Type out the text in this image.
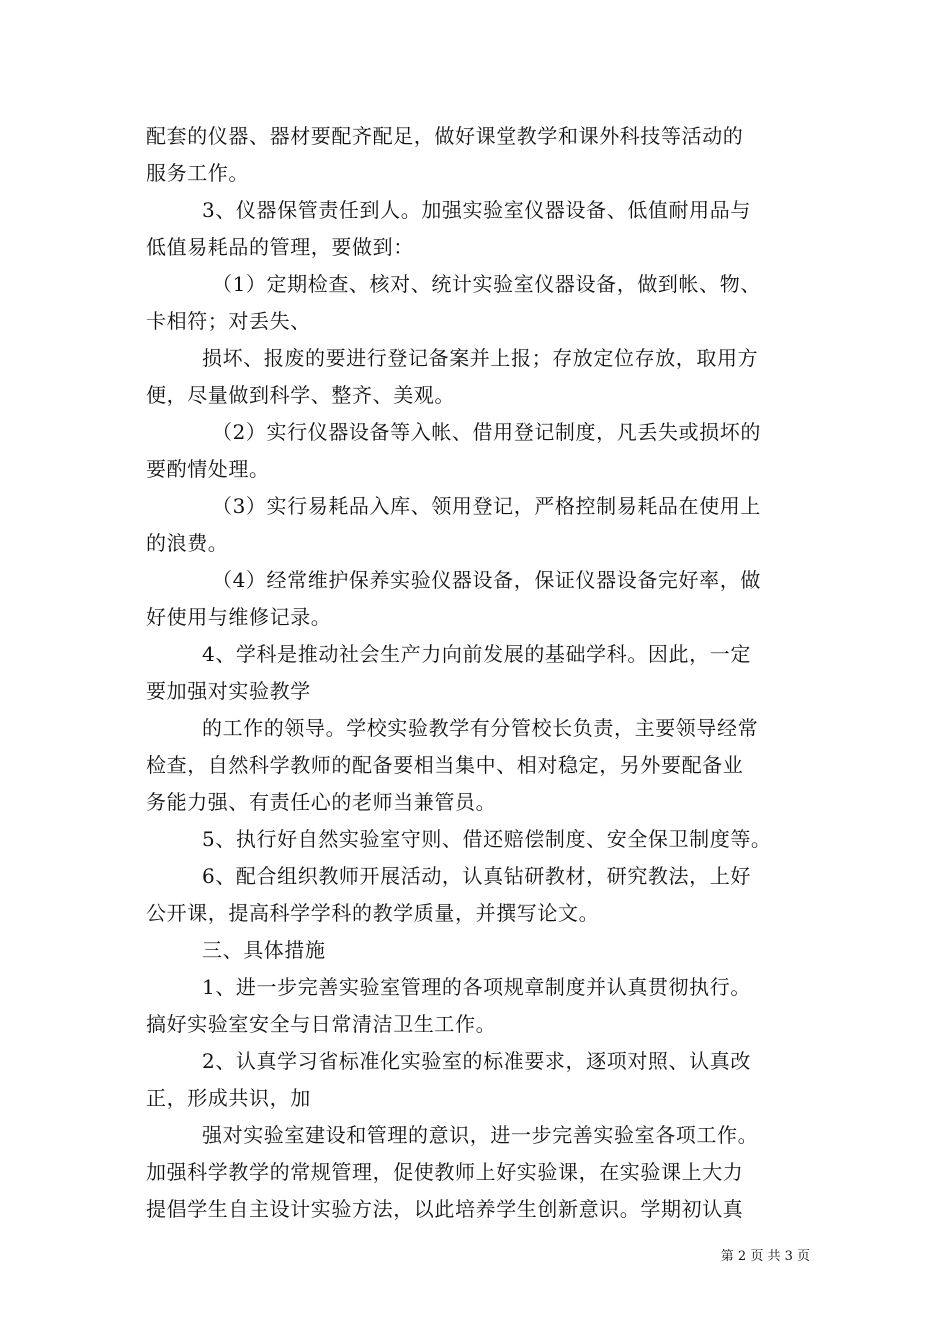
配套的仪器、器材要配齐配足，做好课堂教学和课外科技等活动的
服务工作。
3、仪器保管责任到人。加强实验室仪器设备、低值耐用品与
低值易耗品的管理，要做到：
（1）定期检查、核对、统计实验室仪器设备，做到帐、物、
卡相符；对丢失、
损坏、报废的要进行登记备案并上报；存放定位存放，取用方
便，尽量做到科学、整齐、美观。
（2）实行仪器设备等入帐、借用登记制度，凡丢失或损坏的
要酌情处理。
（3）实行易耗品入库、领用登记，严格控制易耗品在使用上
的浪费。
（4）经常维护保养实验仪器设备，保证仪器设备完好率，做
好使用与维修记录。
4、学科是推动社会生产力向前发展的基础学科。因此，一定
要加强对实验教学
的工作的领导。学校实验教学有分管校长负责，主要领导经常
检查，自然科学教师的配备要相当集中、相对稳定，另外要配备业
务能力强、有责任心的老师当兼管员。
5、执行好自然实验室守则、借还赔偿制度、安全保卫制度等。
6、配合组织教师开展活动，认真钻研教材，研究教法，上好
公开课，提高科学学科的教学质量，并撰写论文。
三、具体措施
1、进一步完善实验室管理的各项规章制度并认真贯彻执行。
搞好实验室安全与日常清洁卫生工作。
2、认真学习省标准化实验室的标准要求，逐项对照、认真改
正，形成共识，加
强对实验室建设和管理的意识，进一步完善实验室各项工作。
加强科学教学的常规管理，促使教师上好实验课，在实验课上大力
提倡学生自主设计实验方法，以此培养学生创新意识。学期初认真
第 2 页 共 3 页
